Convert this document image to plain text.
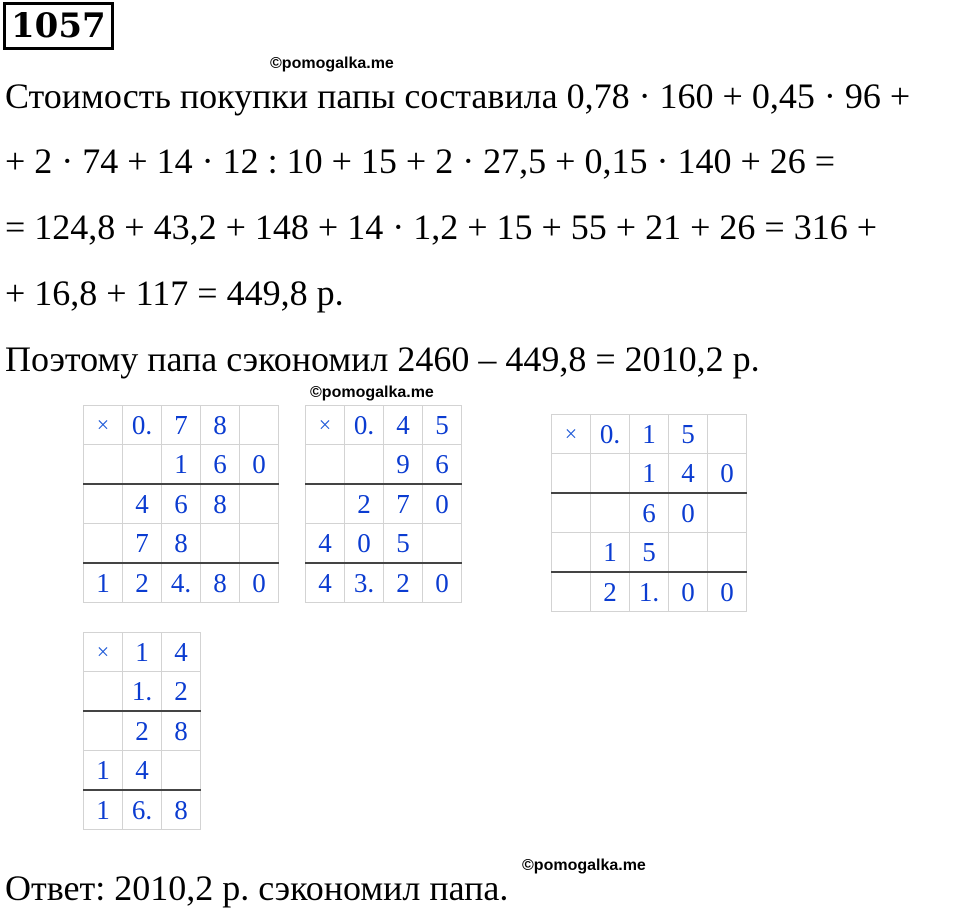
1057
©pomogalka.me
©pomogalka.me
©pomogalka.me
Стоимость покупки папы составила 0,78 · 160 + 0,45 · 96 +
+ 2 · 74 + 14 · 12 : 10 + 15 + 2 · 27,5 + 0,15 · 140 + 26 =
= 124,8 + 43,2 + 148 + 14 · 1,2 + 15 + 55 + 21 + 26 = 316 +
+ 16,8 + 117 = 449,8 р.
Поэтому папа сэкономил 2460 – 449,8 = 2010,2 р.
×	0.	7	8	
		1	6	0
	4	6	8	
	7	8		
1	2	4.	8	0
×	0.	4	5
		9	6
	2	7	0
4	0	5	
4	3.	2	0
×	0.	1	5	
		1	4	0
		6	0	
	1	5		
	2	1.	0	0
×	1	4
	1.	2
	2	8
1	4	
1	6.	8
Ответ: 2010,2 р. сэкономил папа.
